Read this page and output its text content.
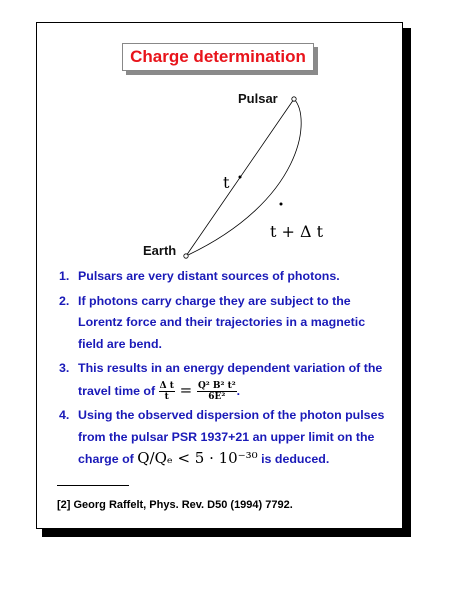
Charge determination
Pulsar
Earth
t
t + Δ t
1. Pulsars are very distant sources of photons.
2. If photons carry charge they are subject to the Lorentz force and their trajectories in a magnetic field are bend.
3. This results in an energy dependent variation of the travel time of $\frac{\text{Δ t}}{t} = \frac{\text{Q² B² t²}}{\text{6E²}}$ .
4. Using the observed dispersion of the photon pulses from the pulsar PSR 1937+21 an upper limit on the charge of Q/Qₑ < 5 · 10⁻³⁰ is deduced.
[2] Georg Raffelt, Phys. Rev. D50 (1994) 7792.
